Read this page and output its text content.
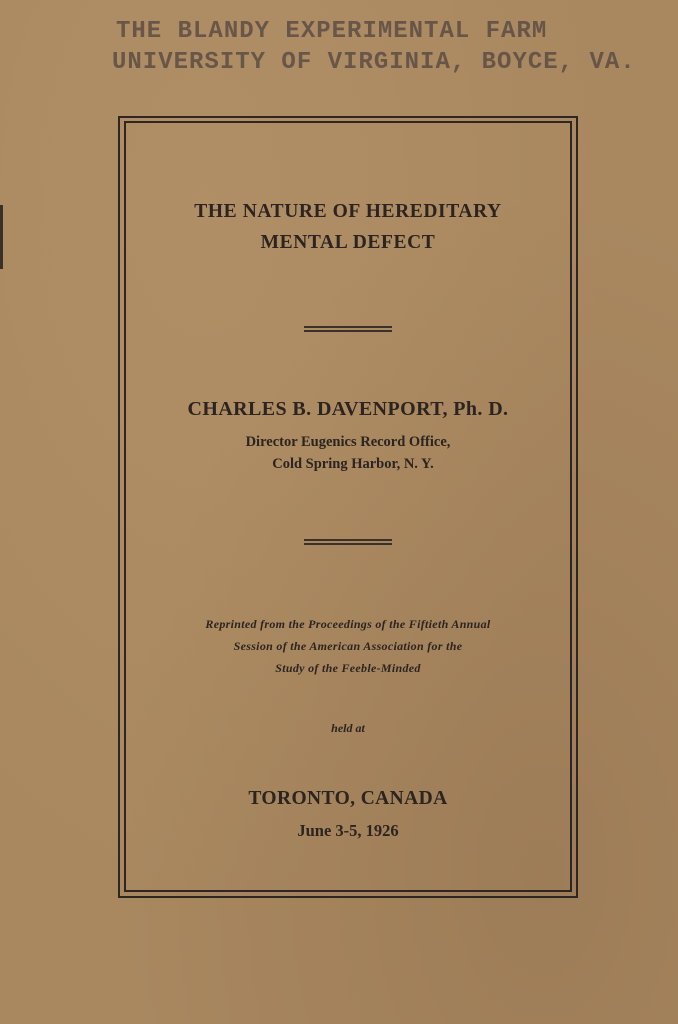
THE BLANDY EXPERIMENTAL FARM
UNIVERSITY OF VIRGINIA, BOYCE, VA.
THE NATURE OF HEREDITARY
MENTAL DEFECT
CHARLES B. DAVENPORT, Ph. D.
Director Eugenics Record Office,
Cold Spring Harbor, N. Y.
Reprinted from the Proceedings of the Fiftieth Annual
Session of the American Association for the
Study of the Feeble-Minded
held at
TORONTO, CANADA
June 3-5, 1926
